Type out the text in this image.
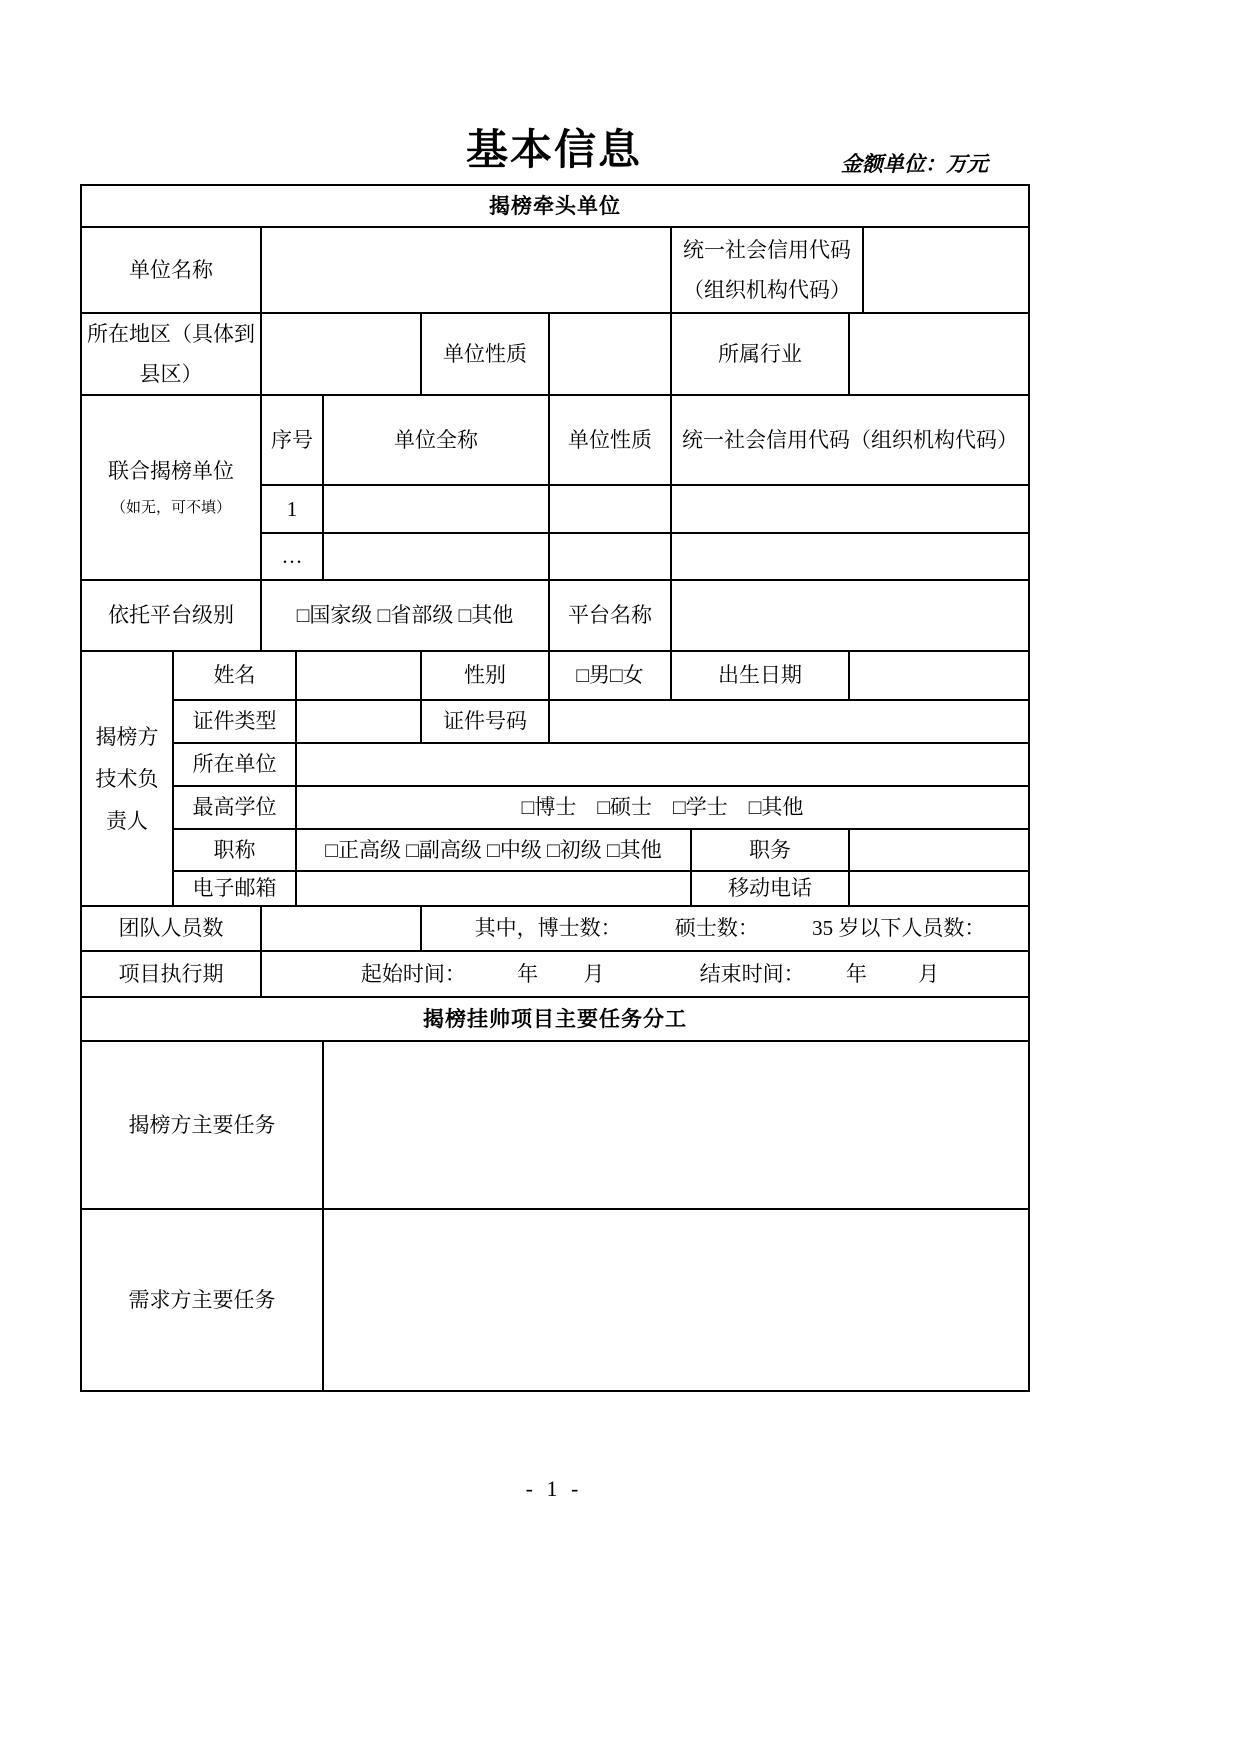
基本信息	金额单位：万元
揭榜牵头单位										
单位名称							统一社会信用代码
（组织机构代码）			

所在地区（具体到
县区）					单位性质		所属行业			

联合揭榜单位
（如无，可不填）		序号		单位全称		单位性质	统一社会信用代码（组织机构代码）			
		1								
		…								
依托平台级别		□国家级 □省部级 □其他				平台名称				

揭榜方
技术负
责人	姓名				性别	□男□女	出生日期			
	证件类型				证件号码					
	所在单位									
	最高学位		□博士　□硕士　□学士　□其他							
	职称		□正高级 □副高级 □中级 □初级 □其他					职务		
	电子邮箱							移动电话		
团队人员数					其中，博士数： 硕士数： 35 岁以下人员数：					
项目执行期		起始时间： 年 月 结束时间： 年 月								
揭榜挂帅项目主要任务分工										
揭榜方主要任务										
需求方主要任务										
- 1 -
